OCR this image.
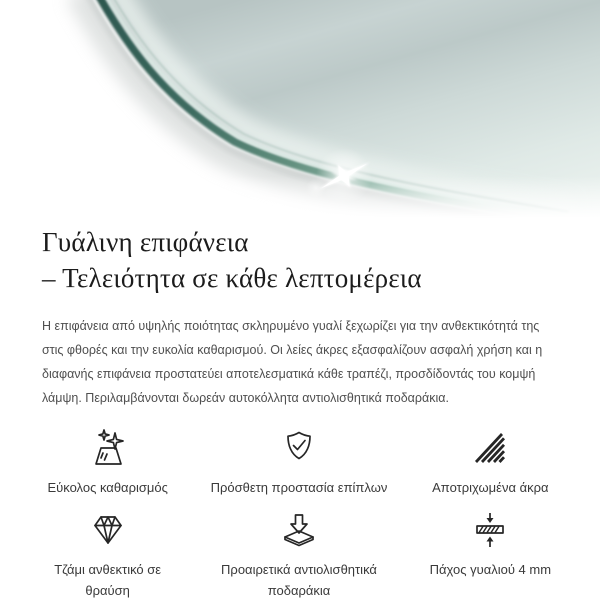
Γυάλινη επιφάνεια
– Τελειότητα σε κάθε λεπτομέρεια

Η επιφάνεια από υψηλής ποιότητας σκληρυμένο γυαλί ξεχωρίζει για την ανθεκτικότητά της στις φθορές και την ευκολία καθαρισμού. Οι λείες άκρες εξασφαλίζουν ασφαλή χρήση και η διαφανής επιφάνεια προστατεύει αποτελεσματικά κάθε τραπέζι, προσδίδοντάς του κομψή λάμψη. Περιλαμβάνονται δωρεάν αυτοκόλλητα αντιολισθητικά ποδαράκια.

Εύκολος καθαρισμός	Πρόσθετη προστασία επίπλων	Αποτριχωμένα άκρα
Τζάμι ανθεκτικό σε θραύση
Προαιρετικά αντιολισθητικά ποδαράκια
Πάχος γυαλιού 4 mm
